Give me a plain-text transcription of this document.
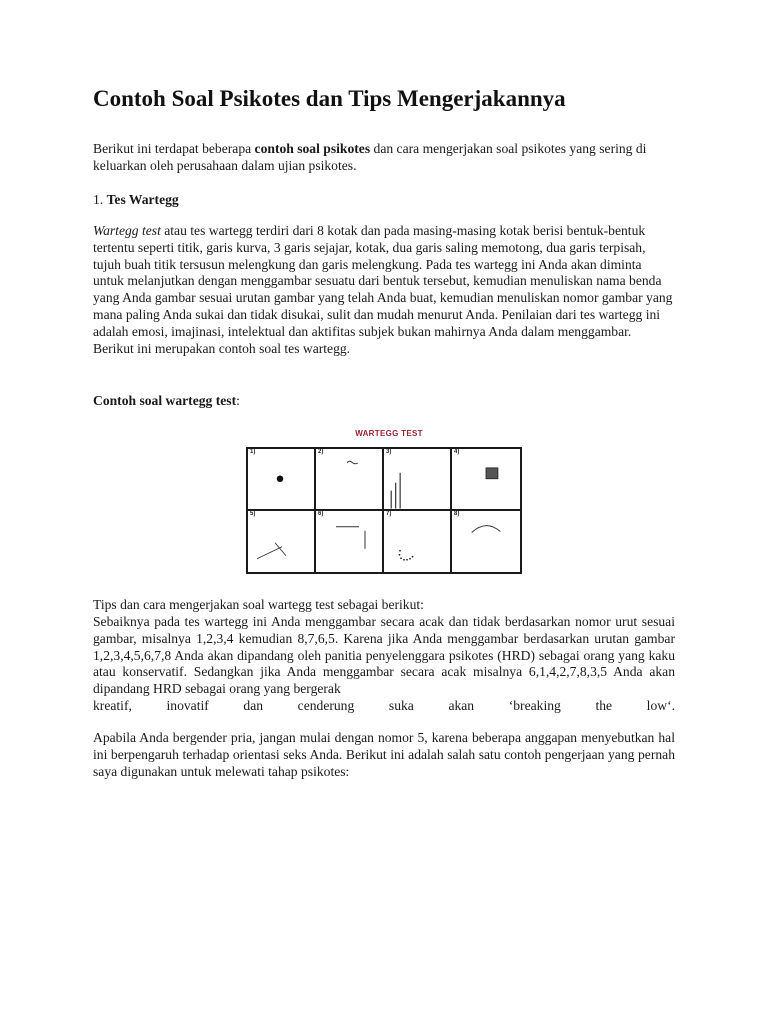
Contoh Soal Psikotes dan Tips Mengerjakannya

Berikut ini terdapat beberapa contoh soal psikotes dan cara mengerjakan soal psikotes yang sering di keluarkan oleh perusahaan dalam ujian psikotes.

1. Tes Wartegg

Wartegg test atau tes wartegg terdiri dari 8 kotak dan pada masing-masing kotak berisi bentuk-bentuk tertentu seperti titik, garis kurva, 3 garis sejajar, kotak, dua garis saling memotong, dua garis terpisah, tujuh buah titik tersusun melengkung dan garis melengkung. Pada tes wartegg ini Anda akan diminta untuk melanjutkan dengan menggambar sesuatu dari bentuk tersebut, kemudian menuliskan nama benda yang Anda gambar sesuai urutan gambar yang telah Anda buat, kemudian menuliskan nomor gambar yang mana paling Anda sukai dan tidak disukai, sulit dan mudah menurut Anda. Penilaian dari tes wartegg ini adalah emosi, imajinasi, intelektual dan aktifitas subjek bukan mahirnya Anda dalam menggambar. Berikut ini merupakan contoh soal tes wartegg.

Contoh soal wartegg test:

Tips dan cara mengerjakan soal wartegg test sebagai berikut:

Sebaiknya pada tes wartegg ini Anda menggambar secara acak dan tidak berdasarkan nomor urut sesuai gambar, misalnya 1,2,3,4 kemudian 8,7,6,5. Karena jika Anda menggambar berdasarkan urutan gambar 1,2,3,4,5,6,7,8 Anda akan dipandang oleh panitia penyelenggara psikotes (HRD) sebagai orang yang kaku atau konservatif. Sedangkan jika Anda menggambar secara acak misalnya 6,1,4,2,7,8,3,5 Anda akan dipandang HRD sebagai orang yang bergerak

kreatif, inovatif dan cenderung suka akan ‘breaking the low‘.

Apabila Anda bergender pria, jangan mulai dengan nomor 5, karena beberapa anggapan menyebutkan hal ini berpengaruh terhadap orientasi seks Anda. Berikut ini adalah salah satu contoh pengerjaan yang pernah saya digunakan untuk melewati tahap psikotes:

WARTEGG TEST
1)	2)	3)	4)
5)	6)	7)	8)
